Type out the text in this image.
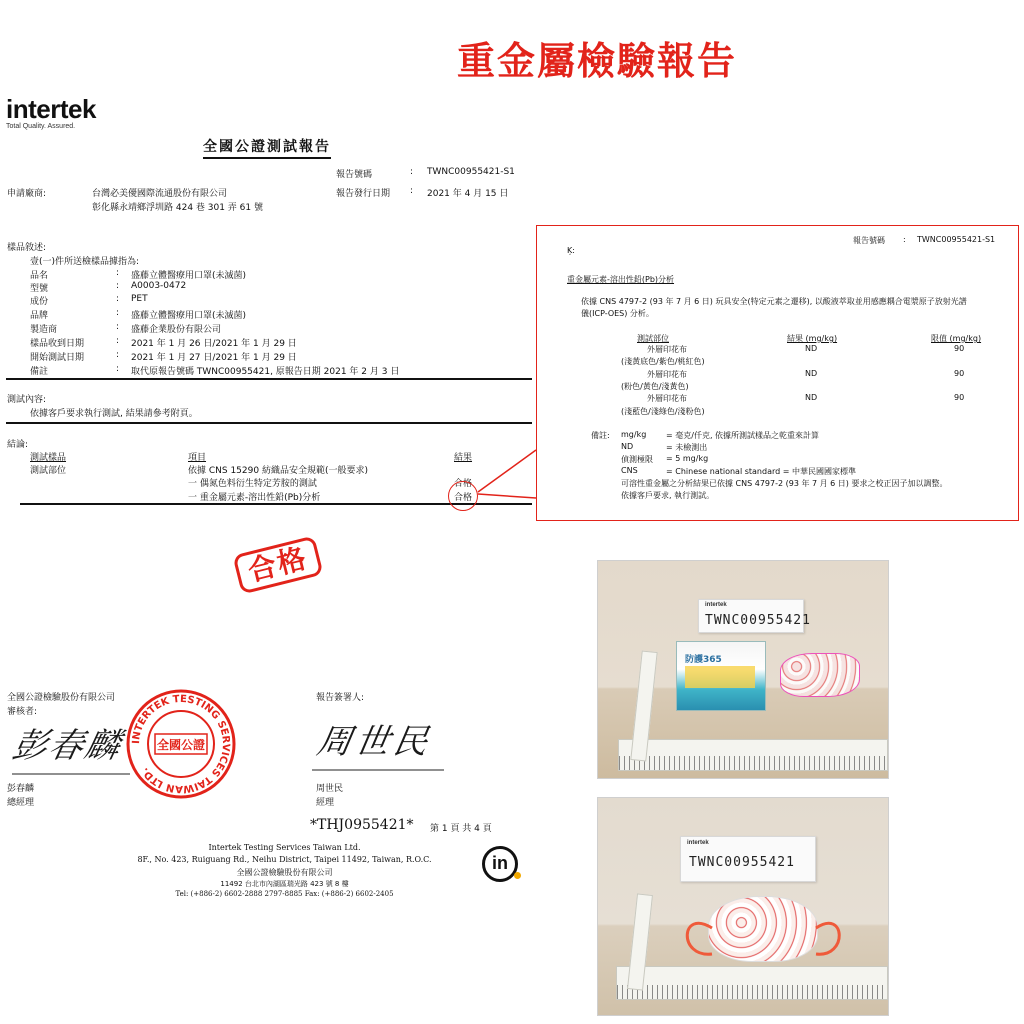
重金屬檢驗報告
intertek
Total Quality. Assured.
全國公證測試報告
報告號碼	: TWNC00955421-S1
申請廠商:	台灣必美優國際流通股份有限公司
彰化縣永靖鄉浮圳路 424 巷 301 弄 61 號
報告發行日期 : 2021 年 4 月 15 日
樣品敘述:
壹(一)件所送檢樣品據指為:
品名	: 盛藤立體醫療用口罩(未滅菌)
型號	: A0003-0472
成份	: PET
品牌	: 盛藤立體醫療用口罩(未滅菌)
製造商	: 盛藤企業股份有限公司
樣品收到日期	: 2021 年 1 月 26 日/2021 年 1 月 29 日
開始測試日期	: 2021 年 1 月 27 日/2021 年 1 月 29 日
備註	: 取代原報告號碼 TWNC00955421, 原報告日期 2021 年 2 月 3 日
測試內容:
依據客戶要求執行測試, 結果請參考附頁。
結論:
測試樣品	項目	結果
測試部位	依據 CNS 15290 紡織品安全規範(一般要求)
一 偶氮色料衍生特定芳胺的測試	合格
一 重金屬元素-溶出性鉛(Pb)分析	合格
報告號碼 : TWNC00955421-S1
Ķ:
重金屬元素-溶出性鉛(Pb)分析
依據 CNS 4797-2 (93 年 7 月 6 日) 玩具安全(特定元素之遷移), 以酸液萃取並用感應耦合電漿原子放射光譜
儀(ICP-OES) 分析。
測試部位	結果 (mg/kg)	限值 (mg/kg)
外層印花布	ND	90
(淺黃底色/紫色/桃紅色)
外層印花布	ND	90
(粉色/黃色/淺黃色)
外層印花布	ND	90
(淺藍色/淺綠色/淺粉色)
備註: mg/kg = 毫克/仟克, 依據所測試樣品之乾重來計算
ND	= 未檢測出
偵測極限 = 5 mg/kg
CNS	= Chinese national standard = 中華民國國家標準
可溶性重金屬之分析結果已依據 CNS 4797-2 (93 年 7 月 6 日) 要求之校正因子加以調整。
依據客戶要求, 執行測試。
合格
全國公證檢驗股份有限公司
審核者:
報告簽署人:
彭春麟	周世民
彭春麟
總經理
周世民
經理
INTERTEK TESTING SERVICES TAIWAN LTD.
全國公證
*THJ0955421* 第 1 頁 共 4 頁
Intertek Testing Services Taiwan Ltd.
8F., No. 423, Ruiguang Rd., Neihu District, Taipei 11492, Taiwan, R.O.C.
全國公證檢驗股份有限公司
11492 台北市內湖區瑞光路 423 號 8 樓
Tel: (+886-2) 6602-2888 2797-8885 Fax: (+886-2) 6602-2405
in
intertek
TWNC00955421
防護365
intertek
TWNC00955421
